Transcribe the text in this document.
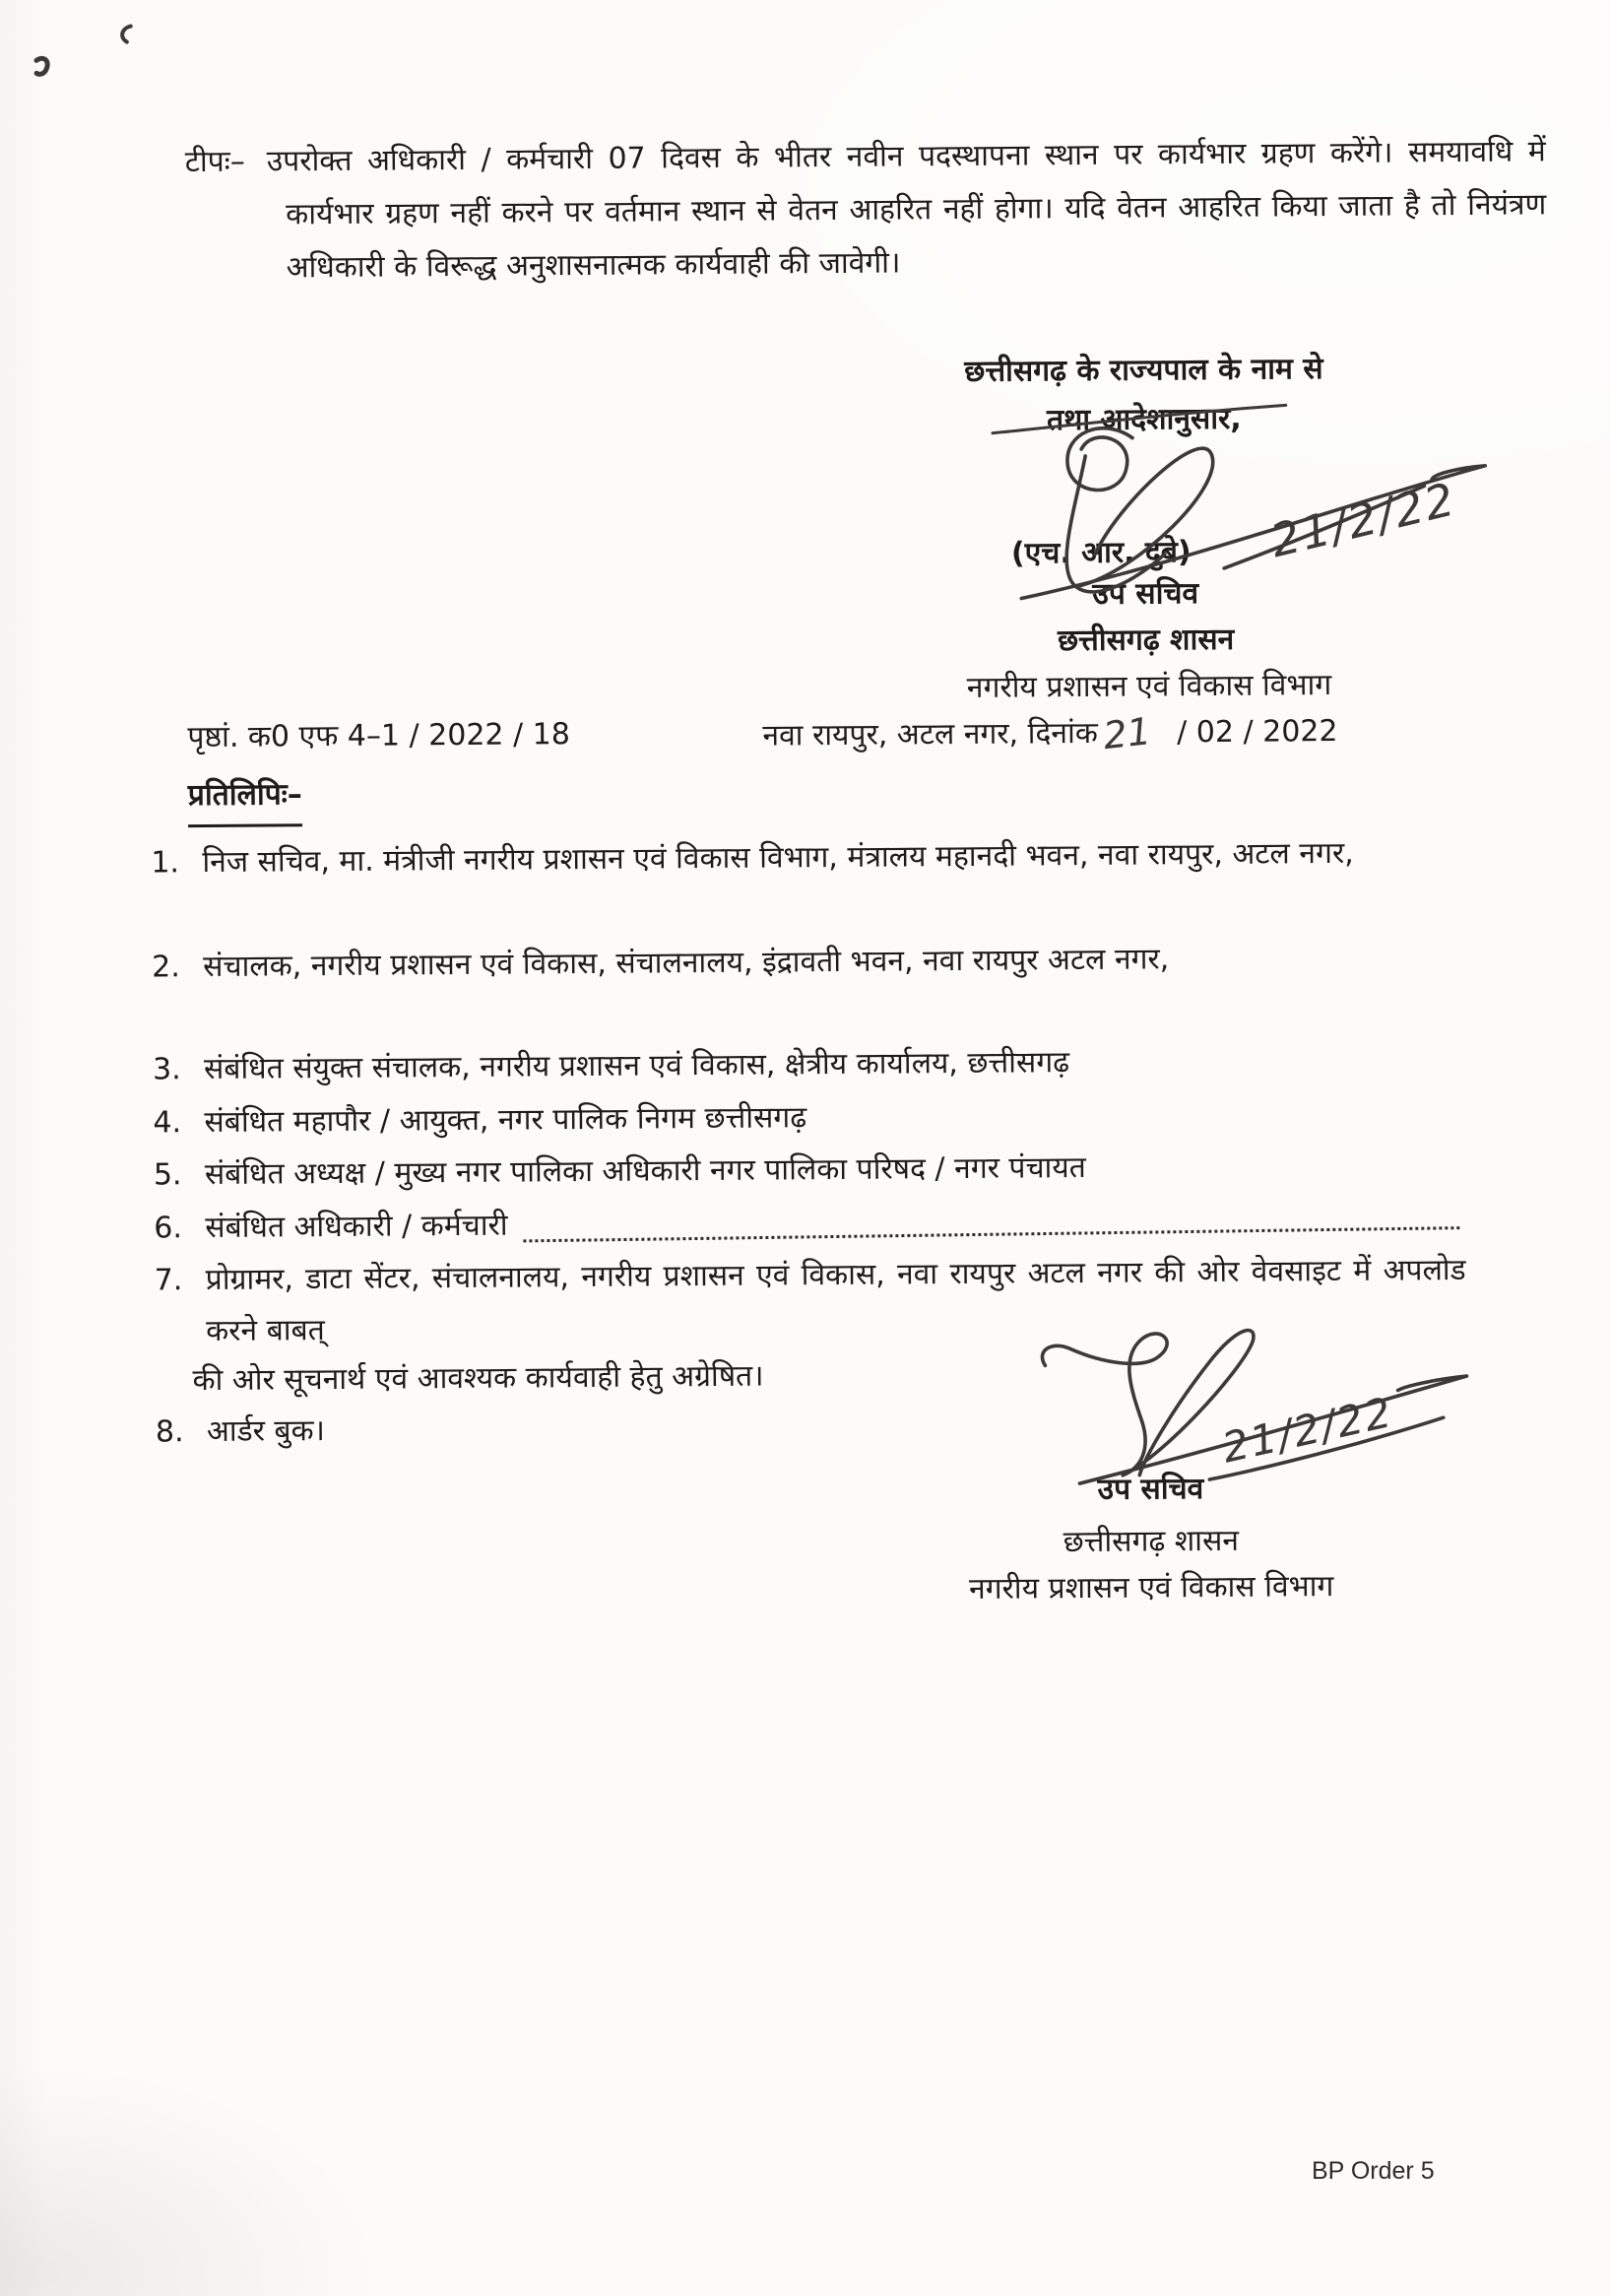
टीपः– उपरोक्त अधिकारी / कर्मचारी 07 दिवस के भीतर नवीन पदस्थापना स्थान पर कार्यभार ग्रहण करेंगे। समयावधि में कार्यभार ग्रहण नहीं करने पर वर्तमान स्थान से वेतन आहरित नहीं होगा। यदि वेतन आहरित किया जाता है तो नियंत्रण अधिकारी के विरूद्ध अनुशासनात्मक कार्यवाही की जावेगी।
छत्तीसगढ़ के राज्यपाल के नाम से
तथा आदेशानुसार,
(एच. आर. दुबे) 21/2/22
उप सचिव
छत्तीसगढ़ शासन
नगरीय प्रशासन एवं विकास विभाग
नवा रायपुर, अटल नगर, दिनांक21 / 02 / 2022
पृष्ठां. क0 एफ 4–1 / 2022 / 18
प्रतिलिपिः–
1. निज सचिव, मा. मंत्रीजी नगरीय प्रशासन एवं विकास विभाग, मंत्रालय महानदी भवन, नवा रायपुर, अटल नगर,
2. संचालक, नगरीय प्रशासन एवं विकास, संचालनालय, इंद्रावती भवन, नवा रायपुर अटल नगर,
3. संबंधित संयुक्त संचालक, नगरीय प्रशासन एवं विकास, क्षेत्रीय कार्यालय, छत्तीसगढ़
4. संबंधित महापौर / आयुक्त, नगर पालिक निगम छत्तीसगढ़
5. संबंधित अध्यक्ष / मुख्य नगर पालिका अधिकारी नगर पालिका परिषद / नगर पंचायत
6. संबंधित अधिकारी / कर्मचारी
7. प्रोग्रामर, डाटा सेंटर, संचालनालय, नगरीय प्रशासन एवं विकास, नवा रायपुर अटल नगर की ओर वेवसाइट में अपलोड करने बाबत्
की ओर सूचनार्थ एवं आवश्यक कार्यवाही हेतु अग्रेषित।
8. आर्डर बुक।	21/2/22
उप सचिव
छत्तीसगढ़ शासन
नगरीय प्रशासन एवं विकास विभाग
BP Order 5
